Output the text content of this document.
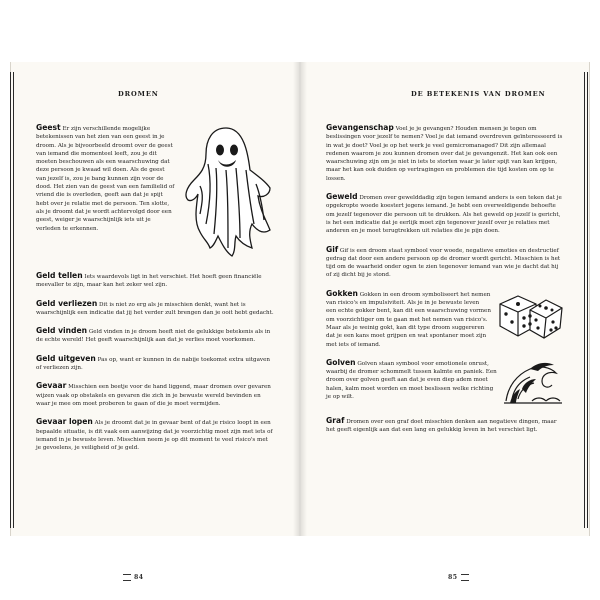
DROMEN	DE BETEKENIS VAN DROMEN
Geest Er zijn verschillende mogelijke betekenissen van het zien van een geest in je droom. Als je bijvoorbeeld droomt over de geest van iemand die momenteel leeft, zou je dit moeten beschouwen als een waarschuwing dat deze persoon je kwaad wil doen. Als de geest van jezelf is, zou je bang kunnen zijn voor de dood. Het zien van de geest van een familielid of vriend die is overleden, geeft aan dat je spijt hebt over je relatie met de persoon. Ten slotte, als je droomt dat je wordt achtervolgd door een geest, weiger je waarschijnlijk iets uit je verleden te erkennen.
Geld tellen Iets waardevols ligt in het verschiet. Het hoeft geen financiële meevaller te zijn, maar kan het zeker wel zijn.
Geld verliezen Dit is niet zo erg als je misschien denkt, want het is waarschijnlijk een indicatie dat jij het verder zult brengen dan je ooit hebt gedacht.
Geld vinden Geld vinden in je droom heeft niet de gelukkige betekenis als in de echte wereld! Het geeft waarschijnlijk aan dat je verlies moet voorkomen.
Geld uitgeven Pas op, want er kunnen in de nabije toekomst extra uitgaven of verliezen zijn.
Gevaar Misschien een beetje voor de hand liggend, maar dromen over gevaren wijzen vaak op obstakels en gevaren die zich in je bewuste wereld bevinden en waar je mee om moet proberen te gaan of die je moet vermijden.
Gevaar lopen Als je droomt dat je in gevaar bent of dat je risico loopt in een bepaalde situatie, is dit vaak een aanwijzing dat je voorzichtig moet zijn met iets of iemand in je bewuste leven. Misschien neem je op dit moment te veel risico's met je gevoelens, je veiligheid of je geld.
Gevangenschap Voel je je gevangen? Houden mensen je tegen om beslissingen voor jezelf te nemen? Voel je dat iemand overdreven geïnteresseerd is in wat je doet? Voel je op het werk je veel gemicromanaged? Dit zijn allemaal redenen waarom je zou kunnen dromen over dat je gevangenzit. Het kan ook een waarschuwing zijn om je niet in iets te storten waar je later spijt van kan krijgen, maar het kan ook duiden op vertragingen en problemen die tijd kosten om op te lossen.
Geweld Dromen over gewelddadig zijn tegen iemand anders is een teken dat je opgekropte woede koestert jegens iemand. Je hebt een overweldigende behoefte om jezelf tegenover die persoon uit te drukken. Als het geweld op jezelf is gericht, is het een indicatie dat je eerlijk moet zijn tegenover jezelf over je relaties met anderen en je moet terugtrekken uit relaties die je pijn doen.
Gif Gif is een droom staat symbool voor woede, negatieve emoties en destructief gedrag dat door een andere persoon op de dromer wordt gericht. Misschien is het tijd om de waarheid onder ogen te zien tegenover iemand van wie je dacht dat hij of zij dicht bij je stond.
Gokken Gokken in een droom symboliseert het nemen van risico's en impulsiviteit. Als je in je bewuste leven een echte gokker bent, kan dit een waarschuwing vormen om voorzichtiger om te gaan met het nemen van risico's. Maar als je weinig gokt, kan dit type droom suggereren dat je een kans moet grijpen en wat spontaner moet zijn met iets of iemand.
Golven Golven staan symbool voor emotionele onrust, waarbij de dromer schommelt tussen kalmte en paniek. Een droom over golven geeft aan dat je even diep adem moet halen, kalm moet worden en moet beslissen welke richting je op wilt.
Graf Dromen over een graf doet misschien denken aan negatieve dingen, maar het geeft eigenlijk aan dat een lang en gelukkig leven in het verschiet ligt.
84	85
